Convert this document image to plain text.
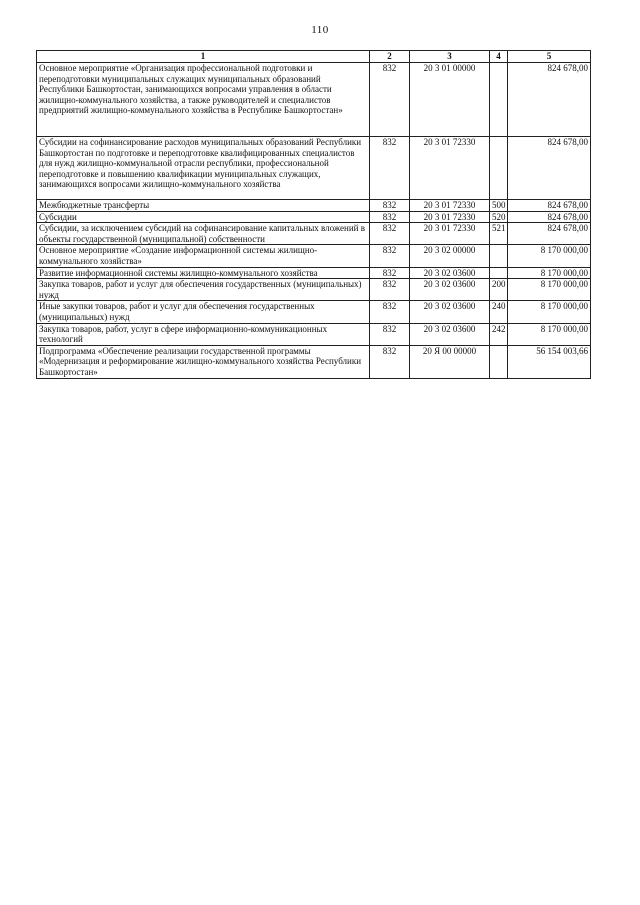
110
1	2	3	4	5
Основное мероприятие «Организация профессиональной подготовки и переподготовки муниципальных служащих муниципальных образований Республики Башкортостан, занимающихся вопросами управления в области жилищно-коммунального хозяйства, а также руководителей и специалистов предприятий жилищно-коммунального хозяйства в Республике Башкортостан»	832	20 3 01 00000		824 678,00
Субсидии на софинансирование расходов муниципальных образований Республики Башкортостан по подготовке и переподготовке квалифицированных специалистов для нужд жилищно-коммунальной отрасли республики, профессиональной переподготовке и повышению квалификации муниципальных служащих, занимающихся вопросами жилищно-коммунального хозяйства	832	20 3 01 72330		824 678,00
Межбюджетные трансферты	832	20 3 01 72330	500	824 678,00
Субсидии	832	20 3 01 72330	520	824 678,00
Субсидии, за исключением субсидий на софинансирование капитальных вложений в объекты государственной (муниципальной) собственности	832	20 3 01 72330	521	824 678,00
Основное мероприятие «Создание информационной системы жилищно-коммунального хозяйства»	832	20 3 02 00000		8 170 000,00
Развитие информационной системы жилищно-коммунального хозяйства	832	20 3 02 03600		8 170 000,00
Закупка товаров, работ и услуг для обеспечения государственных (муниципальных) нужд	832	20 3 02 03600	200	8 170 000,00
Иные закупки товаров, работ и услуг для обеспечения государственных (муниципальных) нужд	832	20 3 02 03600	240	8 170 000,00
Закупка товаров, работ, услуг в сфере информационно-коммуникационных технологий	832	20 3 02 03600	242	8 170 000,00
Подпрограмма «Обеспечение реализации государственной программы «Модернизация и реформирование жилищно-коммунального хозяйства Республики Башкортостан»	832	20 Я 00 00000		56 154 003,66
